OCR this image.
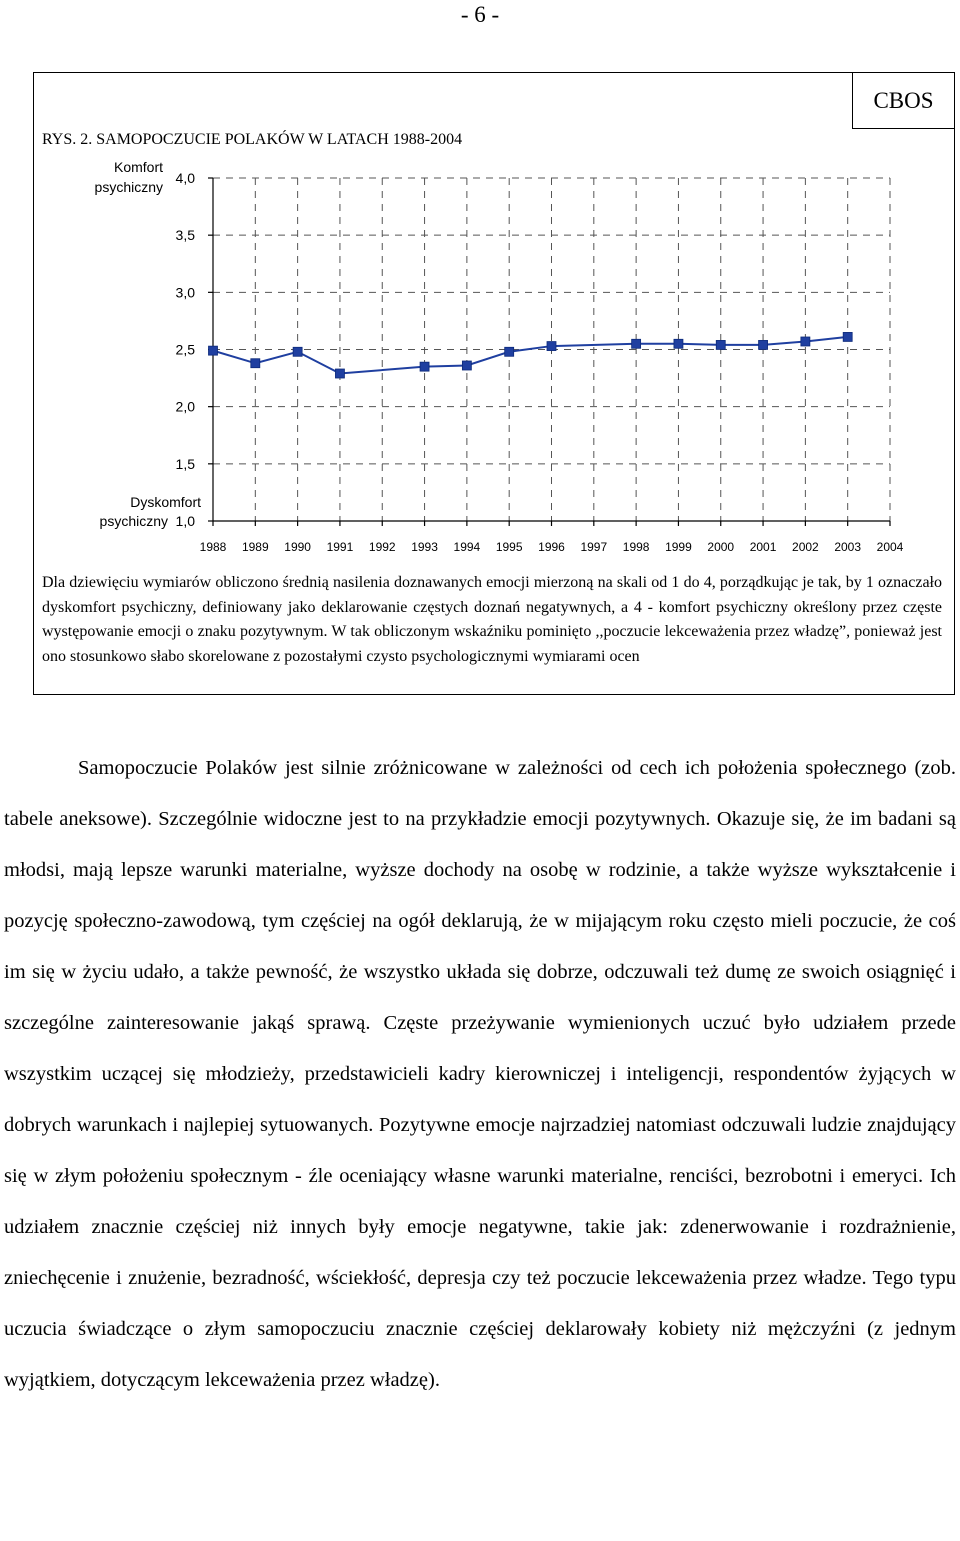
- 6 -
CBOS
RYS. 2. SAMOPOCZUCIE POLAKÓW W LATACH 1988-2004
4,0
3,5
3,0
2,5
2,0
1,5
1,0
Komfort psychiczny
Dyskomfort psychiczny
1988 1989 1990 1991 1992 1993 1994 1995 1996 1997 1998 1999 2000 2001 2002 2003 2004

Dla dziewięciu wymiarów obliczono średnią nasilenia doznawanych emocji mierzoną na skali od 1 do 4, porządkując je tak, by 1 oznaczało dyskomfort psychiczny, definiowany jako deklarowanie częstych doznań negatywnych, a 4 - komfort psychiczny określony przez częste występowanie emocji o znaku pozytywnym. W tak obliczonym wskaźniku pominięto ,,poczucie lekceważenia przez władzę”, ponieważ jest ono stosunkowo słabo skorelowane z pozostałymi czysto psychologicznymi wymiarami ocen

Samopoczucie Polaków jest silnie zróżnicowane w zależności od cech ich położenia społecznego (zob. tabele aneksowe). Szczególnie widoczne jest to na przykładzie emocji pozytywnych. Okazuje się, że im badani są młodsi, mają lepsze warunki materialne, wyższe dochody na osobę w rodzinie, a także wyższe wykształcenie i pozycję społeczno-zawodową, tym częściej na ogół deklarują, że w mijającym roku często mieli poczucie, że coś im się w życiu udało, a także pewność, że wszystko układa się dobrze, odczuwali też dumę ze swoich osiągnięć i szczególne zainteresowanie jakąś sprawą. Częste przeżywanie wymienionych uczuć było udziałem przede wszystkim uczącej się młodzieży, przedstawicieli kadry kierowniczej i inteligencji, respondentów żyjących w dobrych warunkach i najlepiej sytuowanych. Pozytywne emocje najrzadziej natomiast odczuwali ludzie znajdujący się w złym położeniu społecznym - źle oceniający własne warunki materialne, renciści, bezrobotni i emeryci. Ich udziałem znacznie częściej niż innych były emocje negatywne, takie jak: zdenerwowanie i rozdrażnienie, zniechęcenie i znużenie, bezradność, wściekłość, depresja czy też poczucie lekceważenia przez władze. Tego typu uczucia świadczące o złym samopoczuciu znacznie częściej deklarowały kobiety niż mężczyźni (z jednym wyjątkiem, dotyczącym lekceważenia przez władzę).
